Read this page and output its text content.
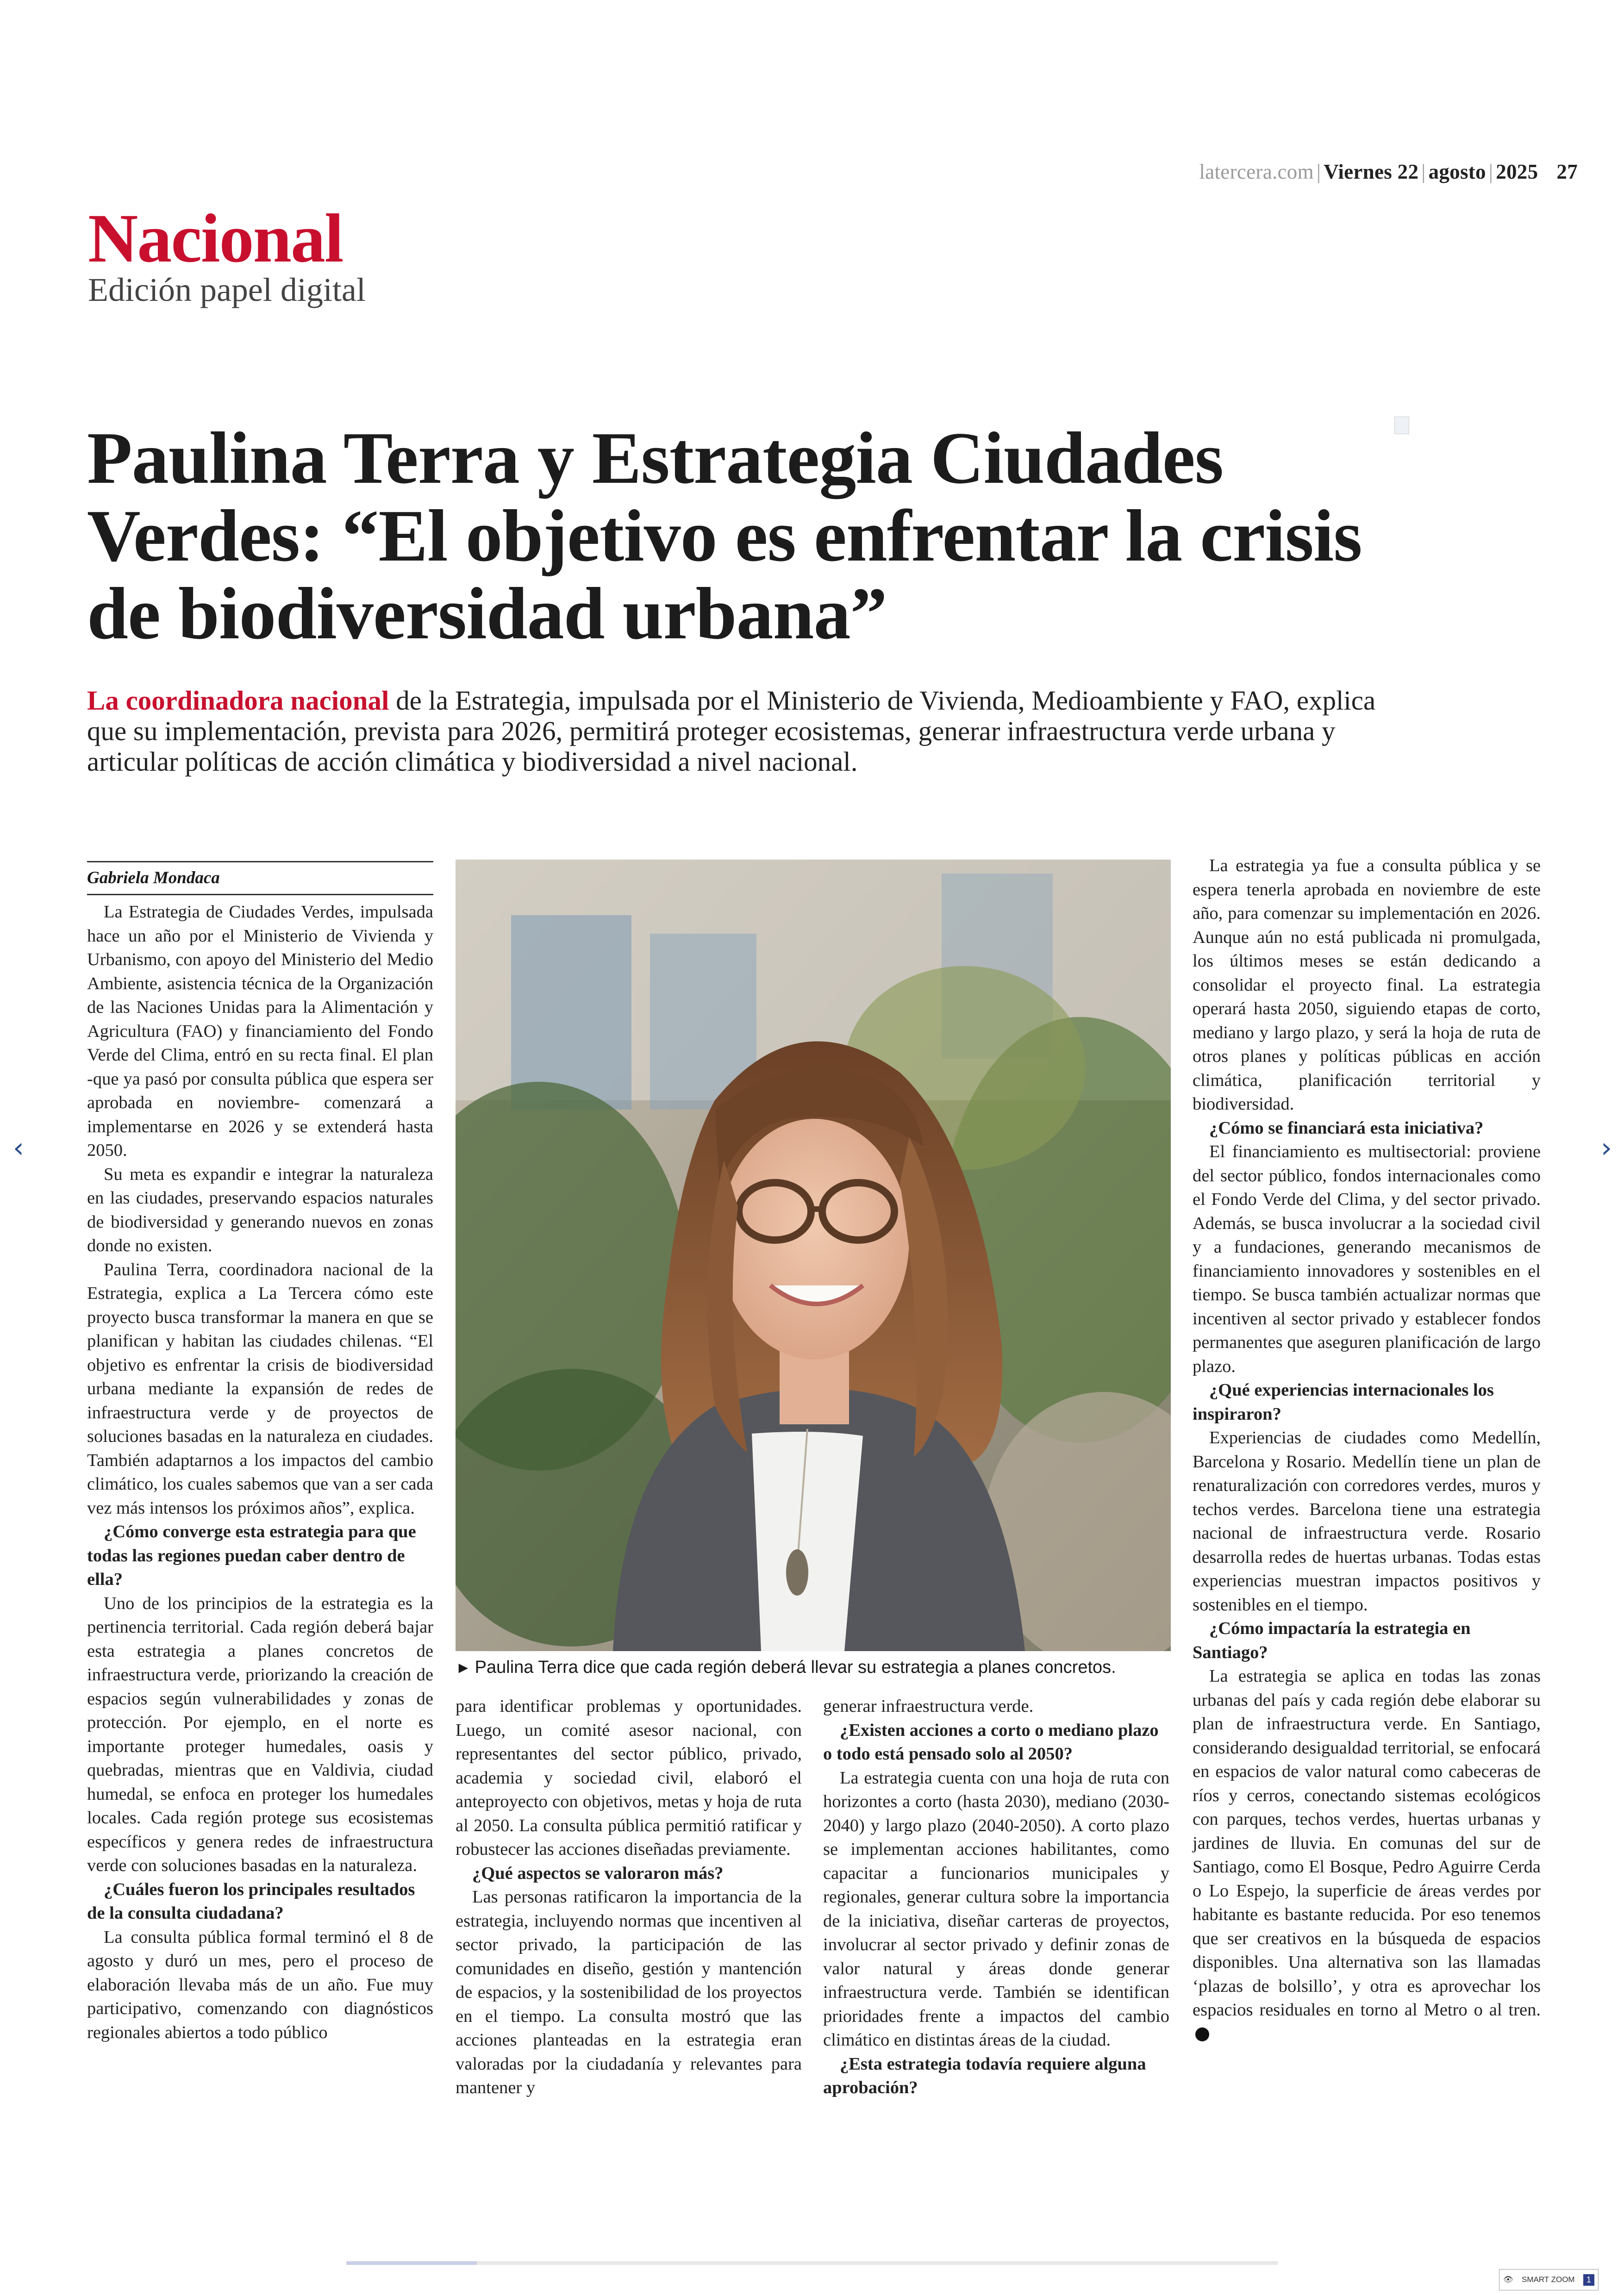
latercera.com | Viernes 22 | agosto | 2025 27
Nacional
Edición papel digital
Paulina Terra y Estrategia Ciudades Verdes: “El objetivo es enfrentar la crisis de biodiversidad urbana”

La coordinadora nacional de la Estrategia, impulsada por el Ministerio de Vivienda, Medioambiente y FAO, explica que su implementación, prevista para 2026, permitirá proteger ecosistemas, generar infraestructura verde urbana y articular políticas de acción climática y biodiversidad a nivel nacional.

Gabriela Mondaca

La Estrategia de Ciudades Verdes, impulsada hace un año por el Ministerio de Vivienda y Urbanismo, con apoyo del Ministerio del Medio Ambiente, asistencia técnica de la Organización de las Naciones Unidas para la Alimentación y Agricultura (FAO) y financiamiento del Fondo Verde del Clima, entró en su recta final. El plan -que ya pasó por consulta pública que espera ser aprobada en noviembre- comenzará a implementarse en 2026 y se extenderá hasta 2050.

Su meta es expandir e integrar la naturaleza en las ciudades, preservando espacios naturales de biodiversidad y generando nuevos en zonas donde no existen.

Paulina Terra, coordinadora nacional de la Estrategia, explica a La Tercera cómo este proyecto busca transformar la manera en que se planifican y habitan las ciudades chilenas. “El objetivo es enfrentar la crisis de biodiversidad urbana mediante la expansión de redes de infraestructura verde y de proyectos de soluciones basadas en la naturaleza en ciudades. También adaptarnos a los impactos del cambio climático, los cuales sabemos que van a ser cada vez más intensos los próximos años”, explica.

¿Cómo converge esta estrategia para que todas las regiones puedan caber dentro de ella?

Uno de los principios de la estrategia es la pertinencia territorial. Cada región deberá bajar esta estrategia a planes concretos de infraestructura verde, priorizando la creación de espacios según vulnerabilidades y zonas de protección. Por ejemplo, en el norte es importante proteger humedales, oasis y quebradas, mientras que en Valdivia, ciudad humedal, se enfoca en proteger los humedales locales. Cada región protege sus ecosistemas específicos y genera redes de infraestructura verde con soluciones basadas en la naturaleza.

¿Cuáles fueron los principales resultados de la consulta ciudadana?

La consulta pública formal terminó el 8 de agosto y duró un mes, pero el proceso de elaboración llevaba más de un año. Fue muy participativo, comenzando con diagnósticos regionales abiertos a todo público

► Paulina Terra dice que cada región deberá llevar su estrategia a planes concretos.

para identificar problemas y oportunidades. Luego, un comité asesor nacional, con representantes del sector público, privado, academia y sociedad civil, elaboró el anteproyecto con objetivos, metas y hoja de ruta al 2050. La consulta pública permitió ratificar y robustecer las acciones diseñadas previamente.

¿Qué aspectos se valoraron más?

Las personas ratificaron la importancia de la estrategia, incluyendo normas que incentiven al sector privado, la participación de las comunidades en diseño, gestión y mantención de espacios, y la sostenibilidad de los proyectos en el tiempo. La consulta mostró que las acciones planteadas en la estrategia eran valoradas por la ciudadanía y relevantes para mantener y

generar infraestructura verde.

¿Existen acciones a corto o mediano plazo o todo está pensado solo al 2050?

La estrategia cuenta con una hoja de ruta con horizontes a corto (hasta 2030), mediano (2030-2040) y largo plazo (2040-2050). A corto plazo se implementan acciones habilitantes, como capacitar a funcionarios municipales y regionales, generar cultura sobre la importancia de la iniciativa, diseñar carteras de proyectos, involucrar al sector privado y definir zonas de valor natural y áreas donde generar infraestructura verde. También se identifican prioridades frente a impactos del cambio climático en distintas áreas de la ciudad.

¿Esta estrategia todavía requiere alguna aprobación?

La estrategia ya fue a consulta pública y se espera tenerla aprobada en noviembre de este año, para comenzar su implementación en 2026. Aunque aún no está publicada ni promulgada, los últimos meses se están dedicando a consolidar el proyecto final. La estrategia operará hasta 2050, siguiendo etapas de corto, mediano y largo plazo, y será la hoja de ruta de otros planes y políticas públicas en acción climática, planificación territorial y biodiversidad.

¿Cómo se financiará esta iniciativa?

El financiamiento es multisectorial: proviene del sector público, fondos internacionales como el Fondo Verde del Clima, y del sector privado. Además, se busca involucrar a la sociedad civil y a fundaciones, generando mecanismos de financiamiento innovadores y sostenibles en el tiempo. Se busca también actualizar normas que incentiven al sector privado y establecer fondos permanentes que aseguren planificación de largo plazo.

¿Qué experiencias internacionales los inspiraron?

Experiencias de ciudades como Medellín, Barcelona y Rosario. Medellín tiene un plan de renaturalización con corredores verdes, muros y techos verdes. Barcelona tiene una estrategia nacional de infraestructura verde. Rosario desarrolla redes de huertas urbanas. Todas estas experiencias muestran impactos positivos y sostenibles en el tiempo.

¿Cómo impactaría la estrategia en Santiago?

La estrategia se aplica en todas las zonas urbanas del país y cada región debe elaborar su plan de infraestructura verde. En Santiago, considerando desigualdad territorial, se enfocará en espacios de valor natural como cabeceras de ríos y cerros, conectando sistemas ecológicos con parques, techos verdes, huertas urbanas y jardines de lluvia. En comunas del sur de Santiago, como El Bosque, Pedro Aguirre Cerda o Lo Espejo, la superficie de áreas verdes por habitante es bastante reducida. Por eso tenemos que ser creativos en la búsqueda de espacios disponibles. Una alternativa son las llamadas ‘plazas de bolsillo’, y otra es aprovechar los espacios residuales en torno al Metro o al tren.

‹	›
👁 SMART ZOOM	1
